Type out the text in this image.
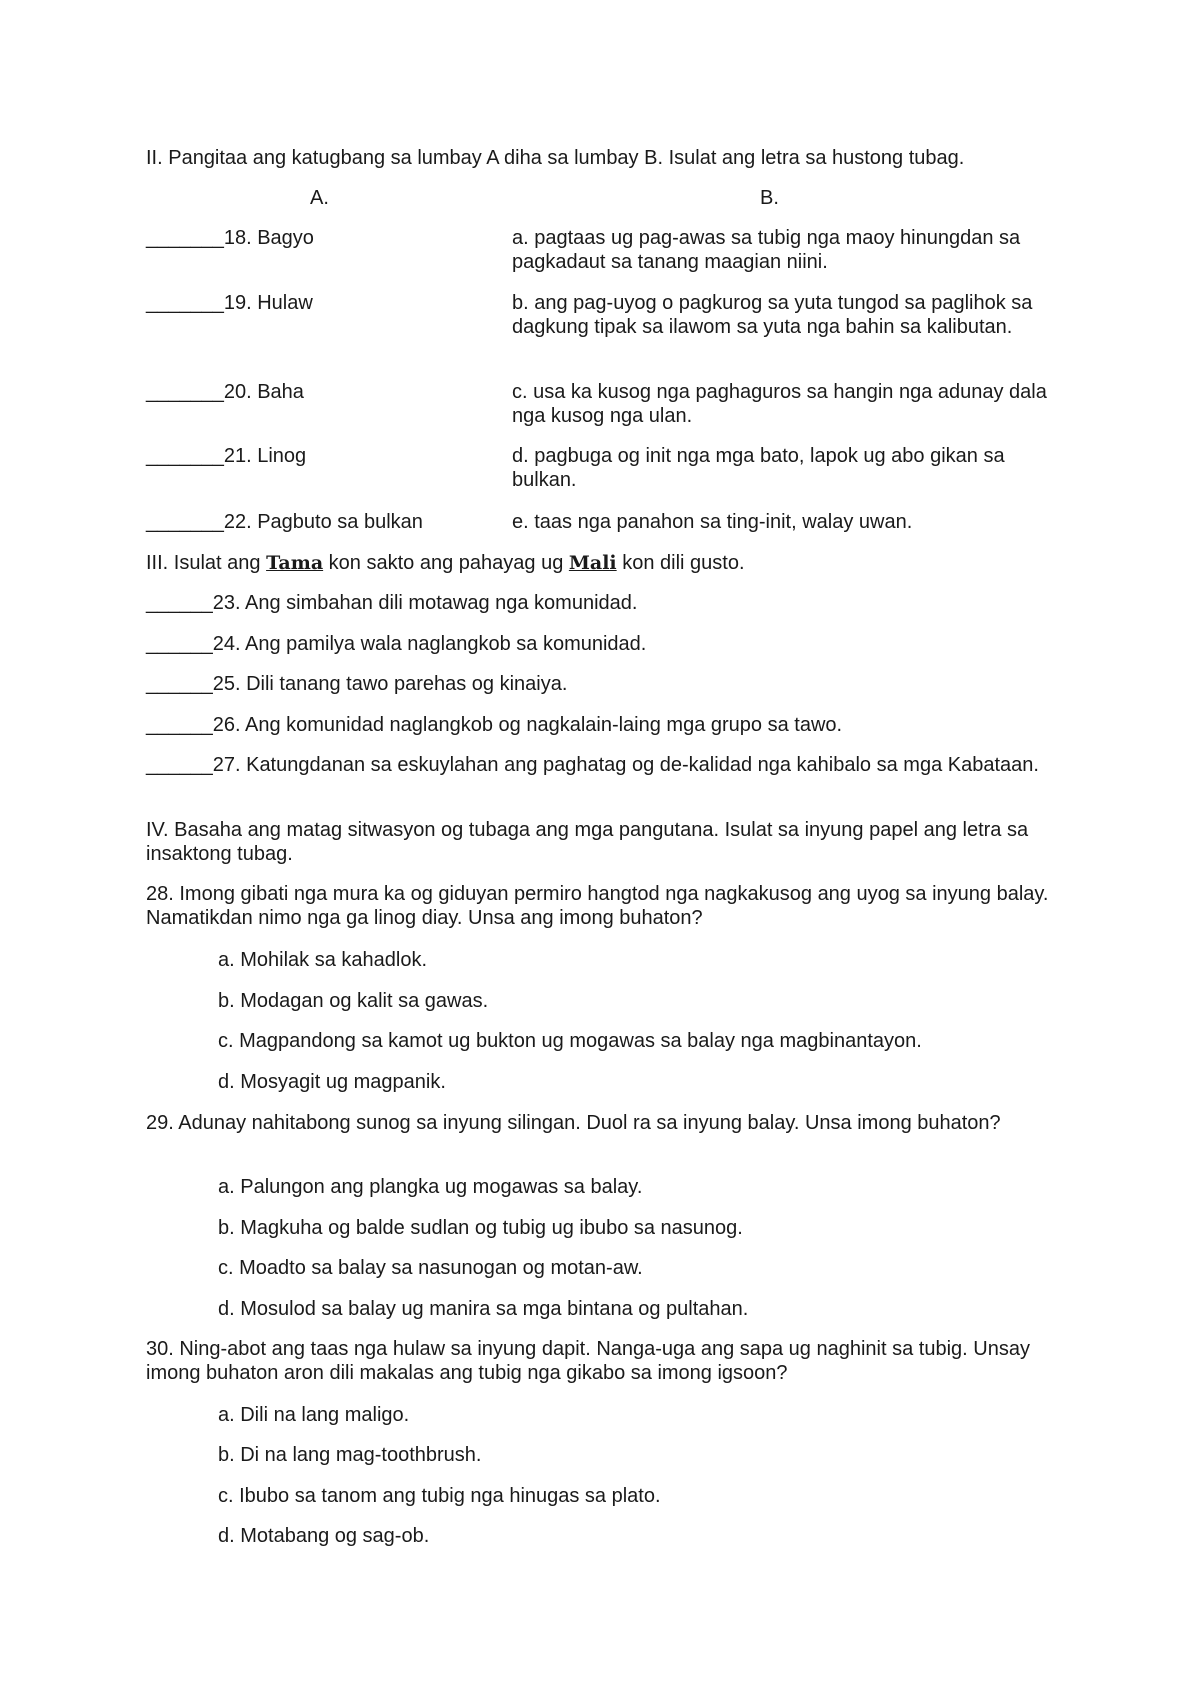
II. Pangitaa ang katugbang sa lumbay A diha sa lumbay B. Isulat ang letra sa hustong tubag.
A.	B.
_______18. Bagyo	a. pagtaas ug pag-awas sa tubig nga maoy hinungdan sa pagkadaut sa tanang maagian niini.
_______19. Hulaw	b. ang pag-uyog o pagkurog sa yuta tungod sa paglihok sa dagkung tipak sa ilawom sa yuta nga bahin sa kalibutan.
_______20. Baha	c. usa ka kusog nga paghaguros sa hangin nga adunay dala nga kusog nga ulan.
_______21. Linog	d. pagbuga og init nga mga bato, lapok ug abo gikan sa bulkan.
_______22. Pagbuto sa bulkan	e. taas nga panahon sa ting-init, walay uwan.
III. Isulat ang Tama kon sakto ang pahayag ug Mali kon dili gusto.
______23. Ang simbahan dili motawag nga komunidad.
______24. Ang pamilya wala naglangkob sa komunidad.
______25. Dili tanang tawo parehas og kinaiya.
______26. Ang komunidad naglangkob og nagkalain-laing mga grupo sa tawo.
______27. Katungdanan sa eskuylahan ang paghatag og de-kalidad nga kahibalo sa mga Kabataan.
IV. Basaha ang matag sitwasyon og tubaga ang mga pangutana. Isulat sa inyung papel ang letra sa insaktong tubag.
28. Imong gibati nga mura ka og giduyan permiro hangtod nga nagkakusog ang uyog sa inyung balay. Namatikdan nimo nga ga linog diay. Unsa ang imong buhaton?
a. Mohilak sa kahadlok.
b. Modagan og kalit sa gawas.
c. Magpandong sa kamot ug bukton ug mogawas sa balay nga magbinantayon.
d. Mosyagit ug magpanik.
29. Adunay nahitabong sunog sa inyung silingan. Duol ra sa inyung balay. Unsa imong buhaton?
a. Palungon ang plangka ug mogawas sa balay.
b. Magkuha og balde sudlan og tubig ug ibubo sa nasunog.
c. Moadto sa balay sa nasunogan og motan-aw.
d. Mosulod sa balay ug manira sa mga bintana og pultahan.
30. Ning-abot ang taas nga hulaw sa inyung dapit. Nanga-uga ang sapa ug naghinit sa tubig. Unsay imong buhaton aron dili makalas ang tubig nga gikabo sa imong igsoon?
a. Dili na lang maligo.
b. Di na lang mag-toothbrush.
c. Ibubo sa tanom ang tubig nga hinugas sa plato.
d. Motabang og sag-ob.
